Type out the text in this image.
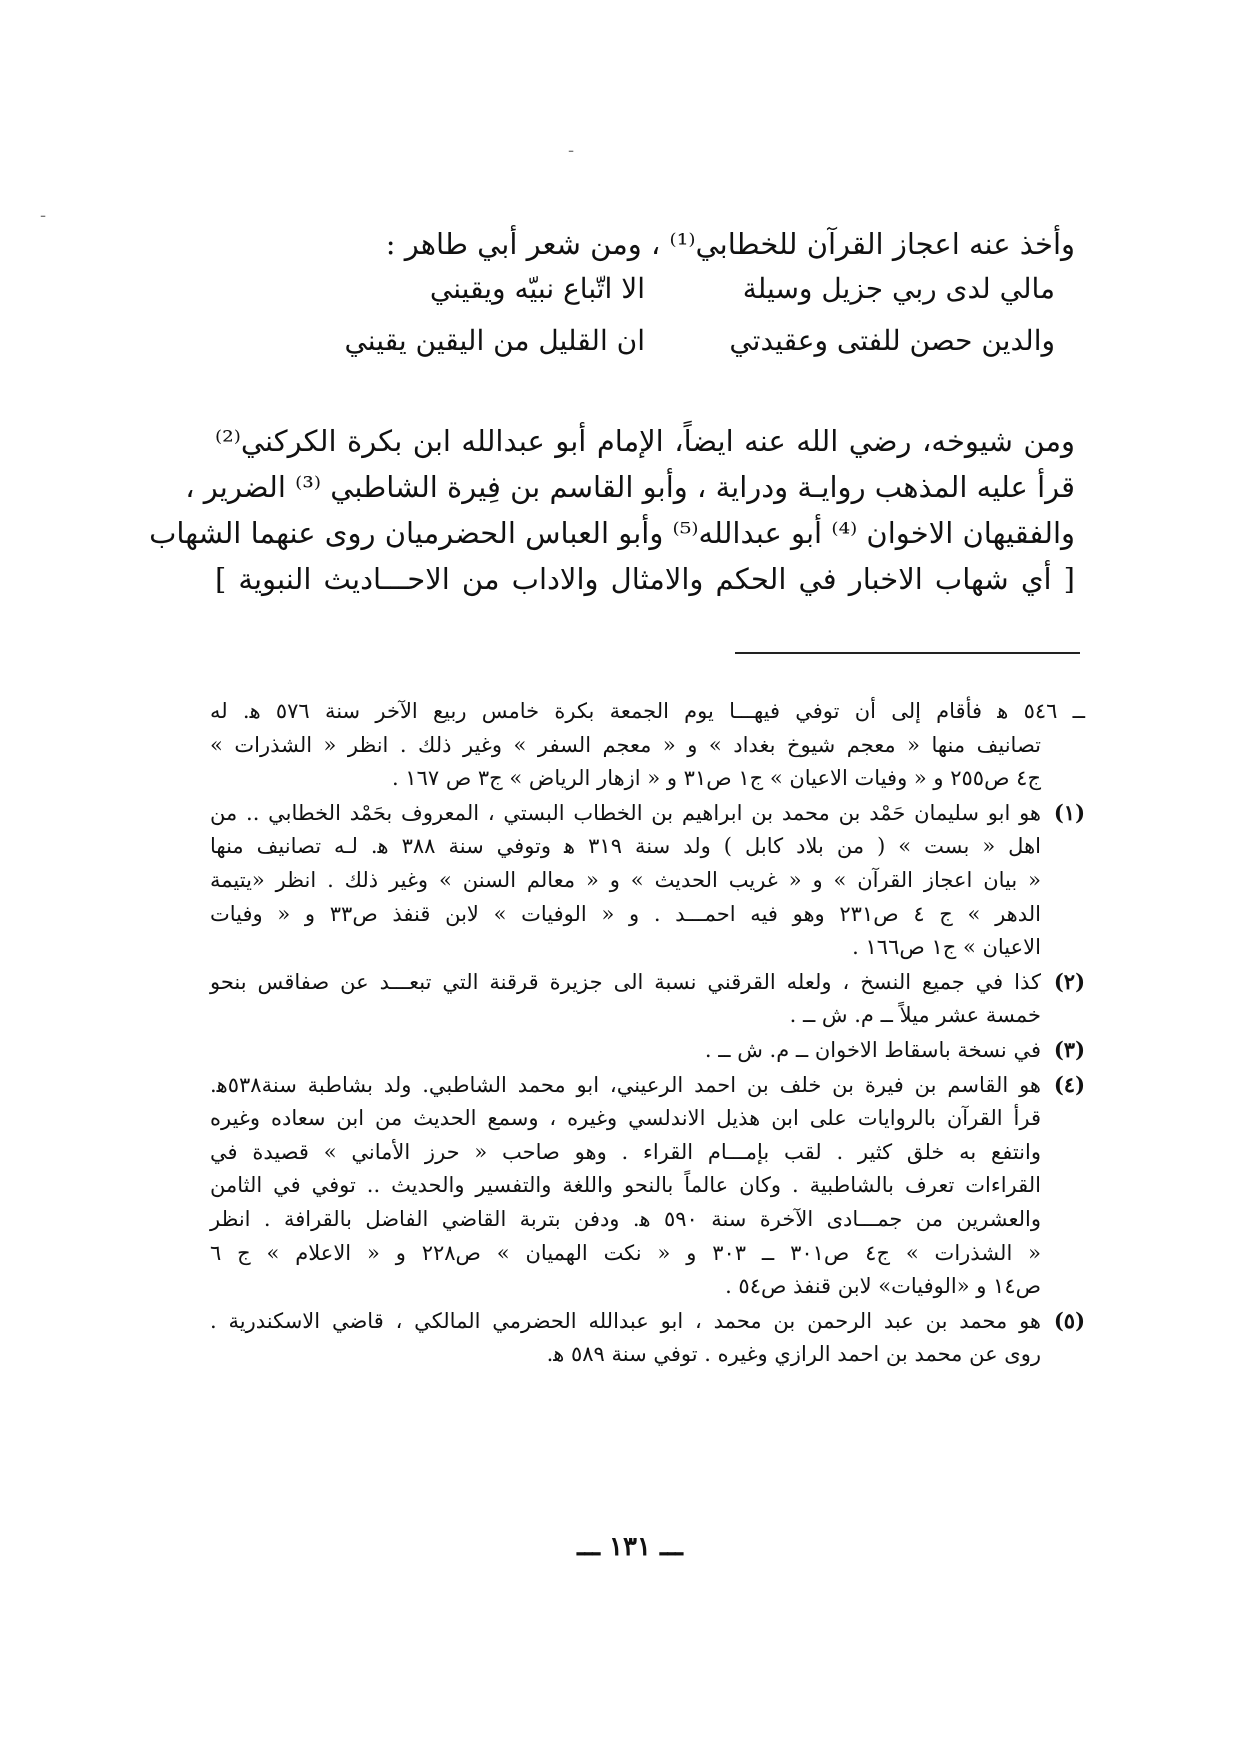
-
-
وأخذ عنه اعجاز القرآن للخطابي⁽¹⁾ ، ومن شعر أبي طاهر :
مالي لدى ربي جزيل وسيلة
الا اتّباع نبيّه ويقيني
والدين حصن للفتى وعقيدتي
ان القليل من اليقين يقيني
ومن شيوخه، رضي الله عنه ايضاً، الإمام أبو عبدالله ابن بكرة الكركني⁽²⁾
قرأ عليه المذهب روايـة ودراية ، وأبو القاسم بن فِيرة الشاطبي ⁽³⁾ الضرير ،
والفقيهان الاخوان ⁽⁴⁾ أبو عبدالله⁽⁵⁾ وأبو العباس الحضرميان روى عنهما الشهاب
[ أي شهاب الاخبار في الحكم والامثال والاداب من الاحـــاديث النبوية ]
ــ ٥٤٦ ﻫ فأقام إلى أن توفي فيهـــا يوم الجمعة بكرة خامس ربيع الآخر سنة ٥٧٦ ﻫ. له
تصانيف منها « معجم شيوخ بغداد » و « معجم السفر » وغير ذلك . انظر « الشذرات »
ج٤ ص٢٥٥ و « وفيات الاعيان » ج١ ص٣١ و « ازهار الرياض » ج٣ ص ١٦٧ .
(١)هو ابو سليمان حَمْد بن محمد بن ابراهيم بن الخطاب البستي ، المعروف بحَمْد الخطابي .. من
اهل « بست » ( من بلاد كابل ) ولد سنة ٣١٩ ﻫ وتوفي سنة ٣٨٨ ﻫ. لـه تصانيف منها
« بيان اعجاز القرآن » و « غريب الحديث » و « معالم السنن » وغير ذلك . انظر «يتيمة
الدهر » ج ٤ ص٢٣١ وهو فيه احمـــد . و « الوفيات » لابن قنفذ ص٣٣ و « وفيات
الاعيان » ج١ ص١٦٦ .
(٢)كذا في جميع النسخ ، ولعله القرقني نسبة الى جزيرة قرقنة التي تبعـــد عن صفاقس بنحو
خمسة عشر ميلاً ــ م. ش ــ .
(٣)في نسخة باسقاط الاخوان ــ م. ش ــ .
(٤)هو القاسم بن فيرة بن خلف بن احمد الرعيني، ابو محمد الشاطبي. ولد بشاطبة سنة٥٣٨ﻫ.
قرأ القرآن بالروايات على ابن هذيل الاندلسي وغيره ، وسمع الحديث من ابن سعاده وغيره
وانتفع به خلق كثير . لقب بإمـــام القراء . وهو صاحب « حرز الأماني » قصيدة في
القراءات تعرف بالشاطبية . وكان عالماً بالنحو واللغة والتفسير والحديث .. توفي في الثامن
والعشرين من جمـــادى الآخرة سنة ٥٩٠ ﻫ. ودفن بتربة القاضي الفاضل بالقرافة . انظر
« الشذرات » ج٤ ص٣٠١ ــ ٣٠٣ و « نكت الهميان » ص٢٢٨ و « الاعلام » ج ٦
ص١٤ و «الوفيات» لابن قنفذ ص٥٤ .
(٥)هو محمد بن عبد الرحمن بن محمد ، ابو عبدالله الحضرمي المالكي ، قاضي الاسكندرية .
روى عن محمد بن احمد الرازي وغيره . توفي سنة ٥٨٩ ﻫ.
ـــ ١٣١ ـــ
